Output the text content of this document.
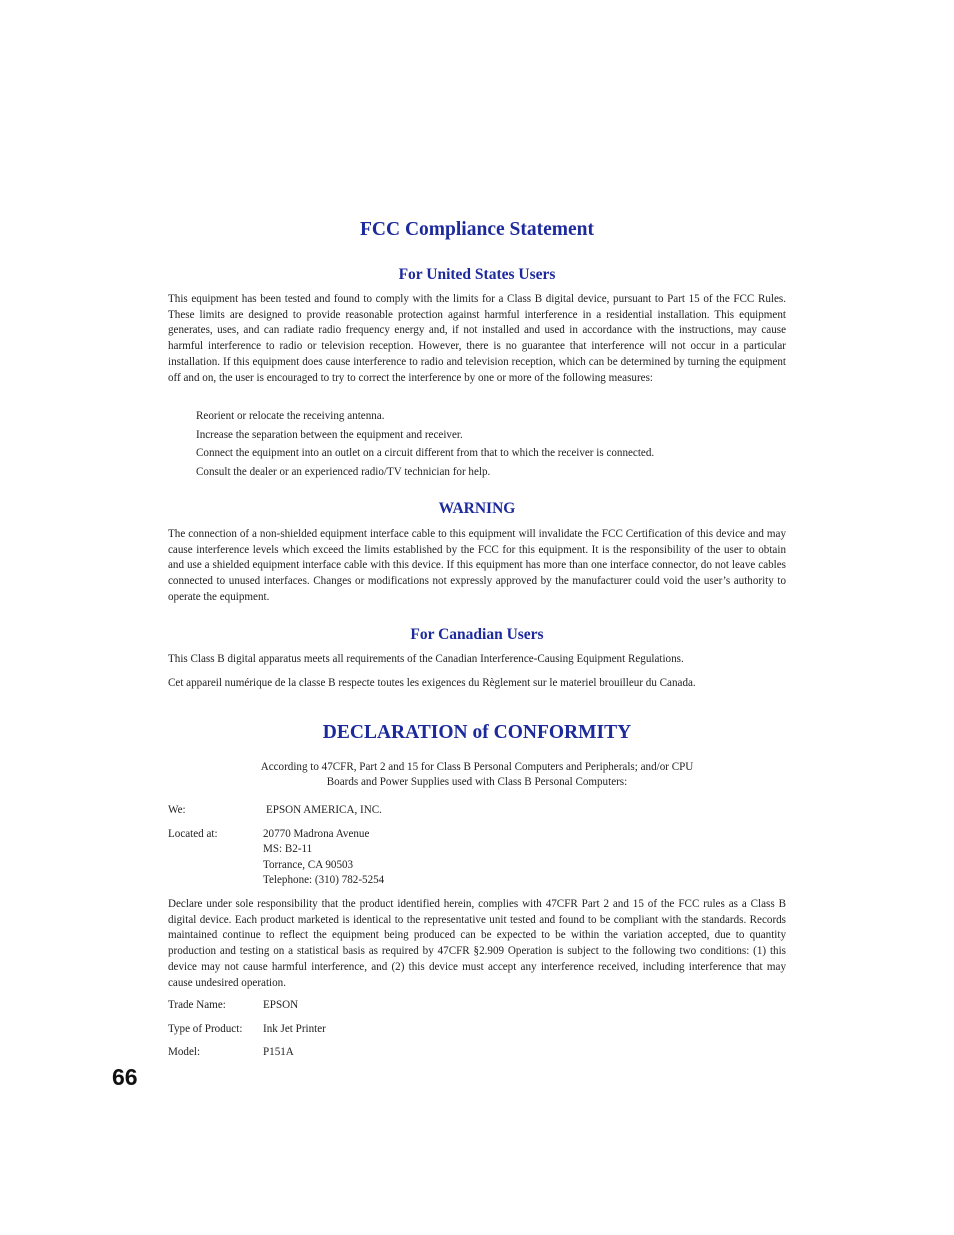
FCC Compliance Statement
For United States Users
This equipment has been tested and found to comply with the limits for a Class B digital device, pursuant to Part 15 of the FCC Rules. These limits are designed to provide reasonable protection against harmful interference in a residential installation. This equipment generates, uses, and can radiate radio frequency energy and, if not installed and used in accordance with the instructions, may cause harmful interference to radio or television reception. However, there is no guarantee that interference will not occur in a particular installation. If this equipment does cause interference to radio and television reception, which can be determined by turning the equipment off and on, the user is encouraged to try to correct the interference by one or more of the following measures:
Reorient or relocate the receiving antenna.
Increase the separation between the equipment and receiver.
Connect the equipment into an outlet on a circuit different from that to which the receiver is connected.
Consult the dealer or an experienced radio/TV technician for help.
WARNING
The connection of a non-shielded equipment interface cable to this equipment will invalidate the FCC Certification of this device and may cause interference levels which exceed the limits established by the FCC for this equipment. It is the responsibility of the user to obtain and use a shielded equipment interface cable with this device. If this equipment has more than one interface connector, do not leave cables connected to unused interfaces. Changes or modifications not expressly approved by the manufacturer could void the user’s authority to operate the equipment.
For Canadian Users
This Class B digital apparatus meets all requirements of the Canadian Interference-Causing Equipment Regulations.
Cet appareil numérique de la classe B respecte toutes les exigences du Règlement sur le materiel brouilleur du Canada.
DECLARATION of CONFORMITY
According to 47CFR, Part 2 and 15 for Class B Personal Computers and Peripherals; and/or CPU
Boards and Power Supplies used with Class B Personal Computers:
We:	EPSON AMERICA, INC.
Located at:	20770 Madrona Avenue
MS: B2-11
Torrance, CA 90503
Telephone: (310) 782-5254
Declare under sole responsibility that the product identified herein, complies with 47CFR Part 2 and 15 of the FCC rules as a Class B digital device. Each product marketed is identical to the representative unit tested and found to be compliant with the standards. Records maintained continue to reflect the equipment being produced can be expected to be within the variation accepted, due to quantity production and testing on a statistical basis as required by 47CFR §2.909 Operation is subject to the following two conditions: (1) this device may not cause harmful interference, and (2) this device must accept any interference received, including interference that may cause undesired operation.
Trade Name:	EPSON
Type of Product: Ink Jet Printer
Model:	P151A
66
